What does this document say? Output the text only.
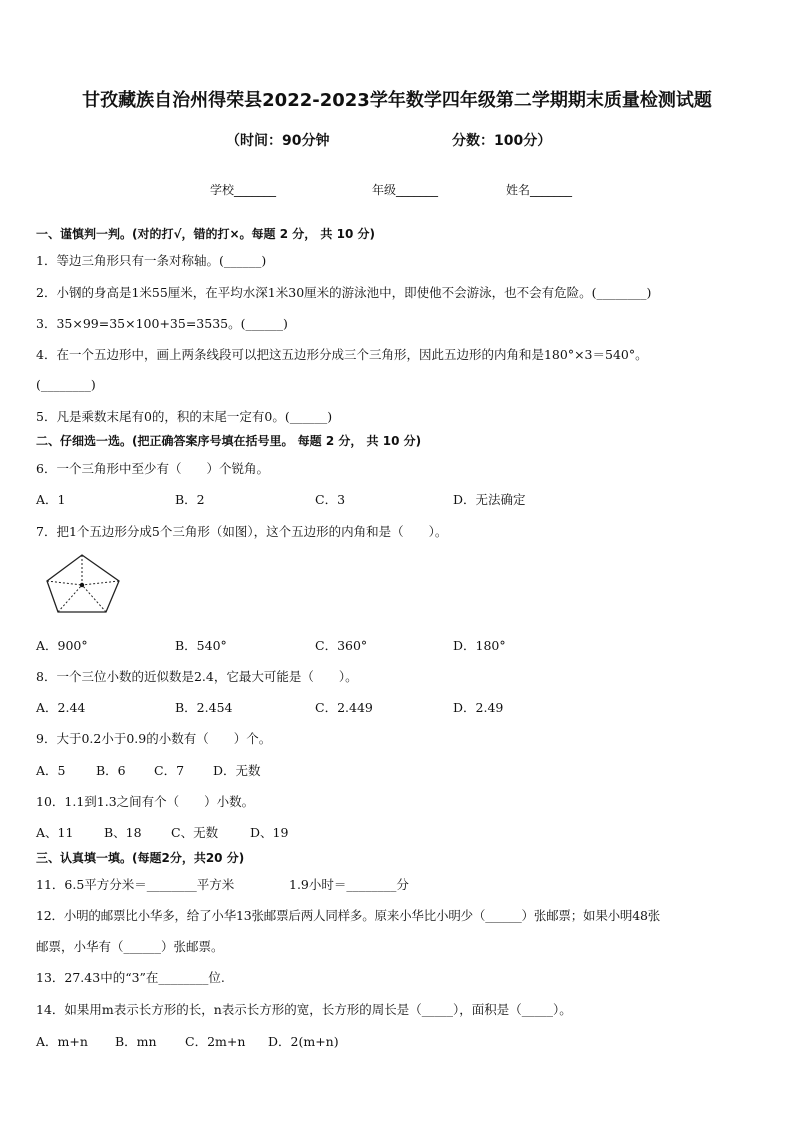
甘孜藏族自治州得荣县2022-2023学年数学四年级第二学期期末质量检测试题
（时间：90分钟	分数：100分）
学校_______	年级_______	姓名_______
一、谨慎判一判。(对的打√，错的打×。每题 2 分， 共 10 分)
1．等边三角形只有一条对称轴。(______)
2．小钢的身高是1米55厘米，在平均水深1米30厘米的游泳池中，即使他不会游泳，也不会有危险。(________)
3．35×99=35×100+35=3535。(______)
4．在一个五边形中，画上两条线段可以把这五边形分成三个三角形，因此五边形的内角和是180°×3＝540°。
(________)
5．凡是乘数末尾有0的，积的末尾一定有0。(______)
二、仔细选一选。(把正确答案序号填在括号里。 每题 2 分， 共 10 分)
6．一个三角形中至少有（　　）个锐角。
A．1	B．2	C．3	D．无法确定
7．把1个五边形分成5个三角形（如图），这个五边形的内角和是（　　）。
A．900°	B．540°	C．360°	D．180°
8．一个三位小数的近似数是2.4，它最大可能是（　　）。
A．2.44	B．2.454	C．2.449	D．2.49
9．大于0.2小于0.9的小数有（　　）个。
A．5 B．6 C．7 D．无数
10．1.1到1.3之间有个（　　）小数。
A、11 B、18 C、无数	D、19
三、认真填一填。(每题2分，共20 分)
11．6.5平方分米＝________平方米	1.9小时＝________分
12．小明的邮票比小华多，给了小华13张邮票后两人同样多。原来小华比小明少（______）张邮票；如果小明48张
邮票，小华有（______）张邮票。
13．27.43中的“3”在________位.
14．如果用m表示长方形的长，n表示长方形的宽，长方形的周长是（_____），面积是（_____）。
A．m+n B．mn C．2m+n D．2(m+n)
